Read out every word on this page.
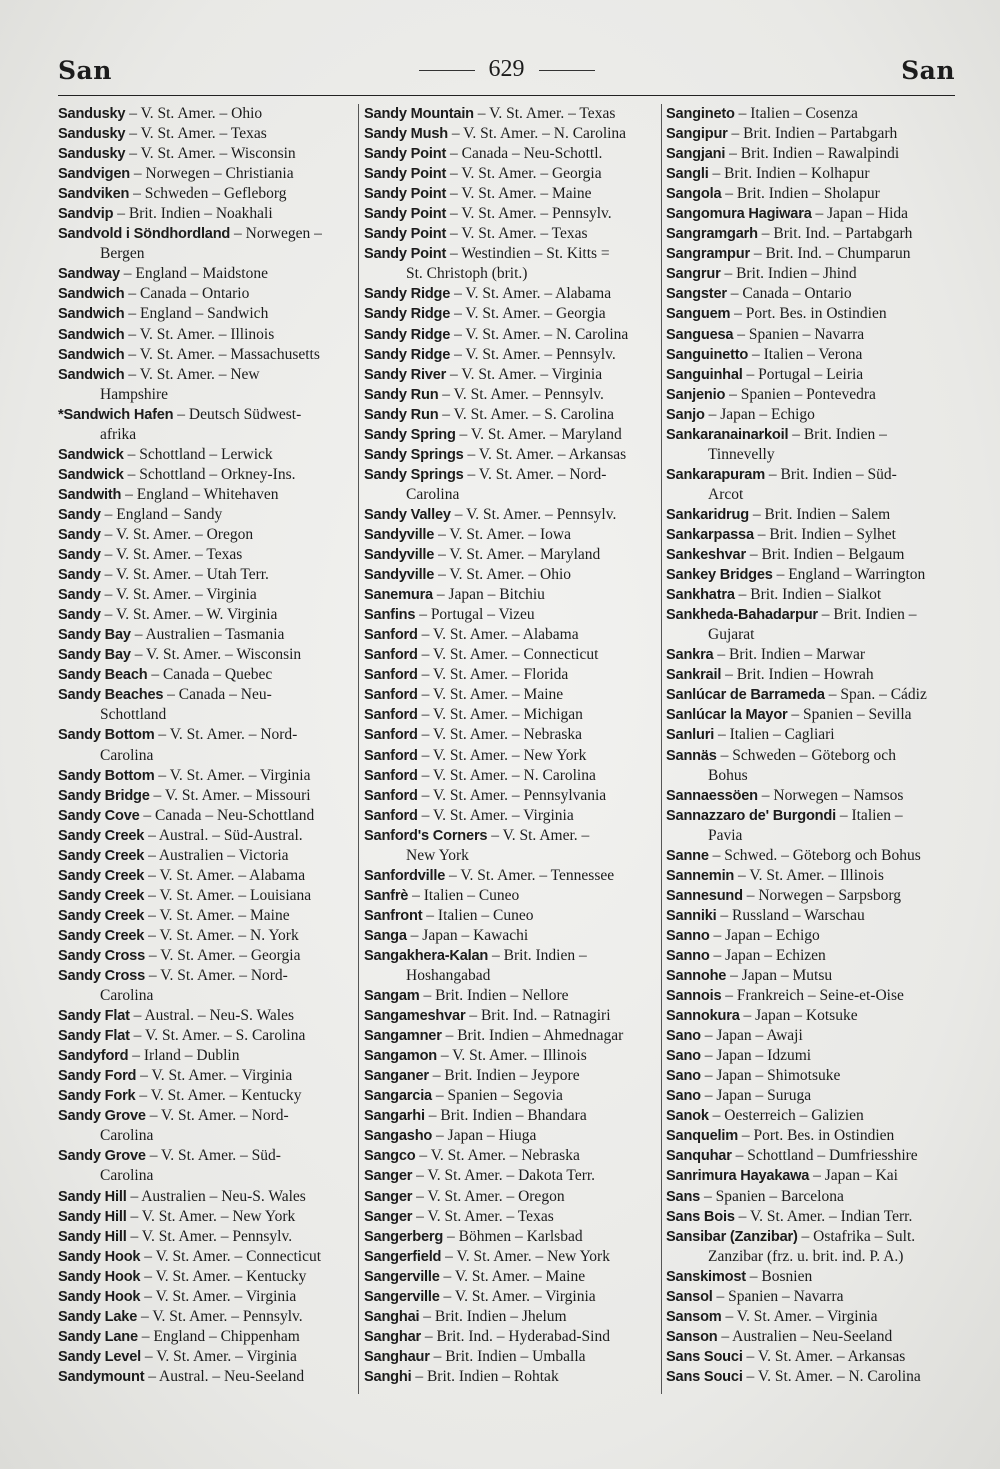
San	629	San
Sandusky – V. St. Amer. – Ohio
Sandusky – V. St. Amer. – Texas
Sandusky – V. St. Amer. – Wisconsin
Sandvigen – Norwegen – Christiania
Sandviken – Schweden – Gefleborg
Sandvip – Brit. Indien – Noakhali
Sandvold i Söndhordland – Norwegen –
Bergen
Sandway – England – Maidstone
Sandwich – Canada – Ontario
Sandwich – England – Sandwich
Sandwich – V. St. Amer. – Illinois
Sandwich – V. St. Amer. – Massachusetts
Sandwich – V. St. Amer. – New
Hampshire
*Sandwich Hafen – Deutsch Südwest-
afrika
Sandwick – Schottland – Lerwick
Sandwick – Schottland – Orkney-Ins.
Sandwith – England – Whitehaven
Sandy – England – Sandy
Sandy – V. St. Amer. – Oregon
Sandy – V. St. Amer. – Texas
Sandy – V. St. Amer. – Utah Terr.
Sandy – V. St. Amer. – Virginia
Sandy – V. St. Amer. – W. Virginia
Sandy Bay – Australien – Tasmania
Sandy Bay – V. St. Amer. – Wisconsin
Sandy Beach – Canada – Quebec
Sandy Beaches – Canada – Neu-
Schottland
Sandy Bottom – V. St. Amer. – Nord-
Carolina
Sandy Bottom – V. St. Amer. – Virginia
Sandy Bridge – V. St. Amer. – Missouri
Sandy Cove – Canada – Neu-Schottland
Sandy Creek – Austral. – Süd-Austral.
Sandy Creek – Australien – Victoria
Sandy Creek – V. St. Amer. – Alabama
Sandy Creek – V. St. Amer. – Louisiana
Sandy Creek – V. St. Amer. – Maine
Sandy Creek – V. St. Amer. – N. York
Sandy Cross – V. St. Amer. – Georgia
Sandy Cross – V. St. Amer. – Nord-
Carolina
Sandy Flat – Austral. – Neu-S. Wales
Sandy Flat – V. St. Amer. – S. Carolina
Sandyford – Irland – Dublin
Sandy Ford – V. St. Amer. – Virginia
Sandy Fork – V. St. Amer. – Kentucky
Sandy Grove – V. St. Amer. – Nord-
Carolina
Sandy Grove – V. St. Amer. – Süd-
Carolina
Sandy Hill – Australien – Neu-S. Wales
Sandy Hill – V. St. Amer. – New York
Sandy Hill – V. St. Amer. – Pennsylv.
Sandy Hook – V. St. Amer. – Connecticut
Sandy Hook – V. St. Amer. – Kentucky
Sandy Hook – V. St. Amer. – Virginia
Sandy Lake – V. St. Amer. – Pennsylv.
Sandy Lane – England – Chippenham
Sandy Level – V. St. Amer. – Virginia
Sandymount – Austral. – Neu-Seeland
Sandy Mountain – V. St. Amer. – Texas
Sandy Mush – V. St. Amer. – N. Carolina
Sandy Point – Canada – Neu-Schottl.
Sandy Point – V. St. Amer. – Georgia
Sandy Point – V. St. Amer. – Maine
Sandy Point – V. St. Amer. – Pennsylv.
Sandy Point – V. St. Amer. – Texas
Sandy Point – Westindien – St. Kitts =
St. Christoph (brit.)
Sandy Ridge – V. St. Amer. – Alabama
Sandy Ridge – V. St. Amer. – Georgia
Sandy Ridge – V. St. Amer. – N. Carolina
Sandy Ridge – V. St. Amer. – Pennsylv.
Sandy River – V. St. Amer. – Virginia
Sandy Run – V. St. Amer. – Pennsylv.
Sandy Run – V. St. Amer. – S. Carolina
Sandy Spring – V. St. Amer. – Maryland
Sandy Springs – V. St. Amer. – Arkansas
Sandy Springs – V. St. Amer. – Nord-
Carolina
Sandy Valley – V. St. Amer. – Pennsylv.
Sandyville – V. St. Amer. – Iowa
Sandyville – V. St. Amer. – Maryland
Sandyville – V. St. Amer. – Ohio
Sanemura – Japan – Bitchiu
Sanfins – Portugal – Vizeu
Sanford – V. St. Amer. – Alabama
Sanford – V. St. Amer. – Connecticut
Sanford – V. St. Amer. – Florida
Sanford – V. St. Amer. – Maine
Sanford – V. St. Amer. – Michigan
Sanford – V. St. Amer. – Nebraska
Sanford – V. St. Amer. – New York
Sanford – V. St. Amer. – N. Carolina
Sanford – V. St. Amer. – Pennsylvania
Sanford – V. St. Amer. – Virginia
Sanford's Corners – V. St. Amer. –
New York
Sanfordville – V. St. Amer. – Tennessee
Sanfrè – Italien – Cuneo
Sanfront – Italien – Cuneo
Sanga – Japan – Kawachi
Sangakhera-Kalan – Brit. Indien –
Hoshangabad
Sangam – Brit. Indien – Nellore
Sangameshvar – Brit. Ind. – Ratnagiri
Sangamner – Brit. Indien – Ahmednagar
Sangamon – V. St. Amer. – Illinois
Sanganer – Brit. Indien – Jeypore
Sangarcia – Spanien – Segovia
Sangarhi – Brit. Indien – Bhandara
Sangasho – Japan – Hiuga
Sangco – V. St. Amer. – Nebraska
Sanger – V. St. Amer. – Dakota Terr.
Sanger – V. St. Amer. – Oregon
Sanger – V. St. Amer. – Texas
Sangerberg – Böhmen – Karlsbad
Sangerfield – V. St. Amer. – New York
Sangerville – V. St. Amer. – Maine
Sangerville – V. St. Amer. – Virginia
Sanghai – Brit. Indien – Jhelum
Sanghar – Brit. Ind. – Hyderabad-Sind
Sanghaur – Brit. Indien – Umballa
Sanghi – Brit. Indien – Rohtak
Sangineto – Italien – Cosenza
Sangipur – Brit. Indien – Partabgarh
Sangjani – Brit. Indien – Rawalpindi
Sangli – Brit. Indien – Kolhapur
Sangola – Brit. Indien – Sholapur
Sangomura Hagiwara – Japan – Hida
Sangramgarh – Brit. Ind. – Partabgarh
Sangrampur – Brit. Ind. – Chumparun
Sangrur – Brit. Indien – Jhind
Sangster – Canada – Ontario
Sanguem – Port. Bes. in Ostindien
Sanguesa – Spanien – Navarra
Sanguinetto – Italien – Verona
Sanguinhal – Portugal – Leiria
Sanjenio – Spanien – Pontevedra
Sanjo – Japan – Echigo
Sankaranainarkoil – Brit. Indien –
Tinnevelly
Sankarapuram – Brit. Indien – Süd-
Arcot
Sankaridrug – Brit. Indien – Salem
Sankarpassa – Brit. Indien – Sylhet
Sankeshvar – Brit. Indien – Belgaum
Sankey Bridges – England – Warrington
Sankhatra – Brit. Indien – Sialkot
Sankheda-Bahadarpur – Brit. Indien –
Gujarat
Sankra – Brit. Indien – Marwar
Sankrail – Brit. Indien – Howrah
Sanlúcar de Barrameda – Span. – Cádiz
Sanlúcar la Mayor – Spanien – Sevilla
Sanluri – Italien – Cagliari
Sannäs – Schweden – Göteborg och
Bohus
Sannaessöen – Norwegen – Namsos
Sannazzaro de' Burgondi – Italien –
Pavia
Sanne – Schwed. – Göteborg och Bohus
Sannemin – V. St. Amer. – Illinois
Sannesund – Norwegen – Sarpsborg
Sanniki – Russland – Warschau
Sanno – Japan – Echigo
Sanno – Japan – Echizen
Sannohe – Japan – Mutsu
Sannois – Frankreich – Seine-et-Oise
Sannokura – Japan – Kotsuke
Sano – Japan – Awaji
Sano – Japan – Idzumi
Sano – Japan – Shimotsuke
Sano – Japan – Suruga
Sanok – Oesterreich – Galizien
Sanquelim – Port. Bes. in Ostindien
Sanquhar – Schottland – Dumfriesshire
Sanrimura Hayakawa – Japan – Kai
Sans – Spanien – Barcelona
Sans Bois – V. St. Amer. – Indian Terr.
Sansibar (Zanzibar) – Ostafrika – Sult.
Zanzibar (frz. u. brit. ind. P. A.)
Sanskimost – Bosnien
Sansol – Spanien – Navarra
Sansom – V. St. Amer. – Virginia
Sanson – Australien – Neu-Seeland
Sans Souci – V. St. Amer. – Arkansas
Sans Souci – V. St. Amer. – N. Carolina
